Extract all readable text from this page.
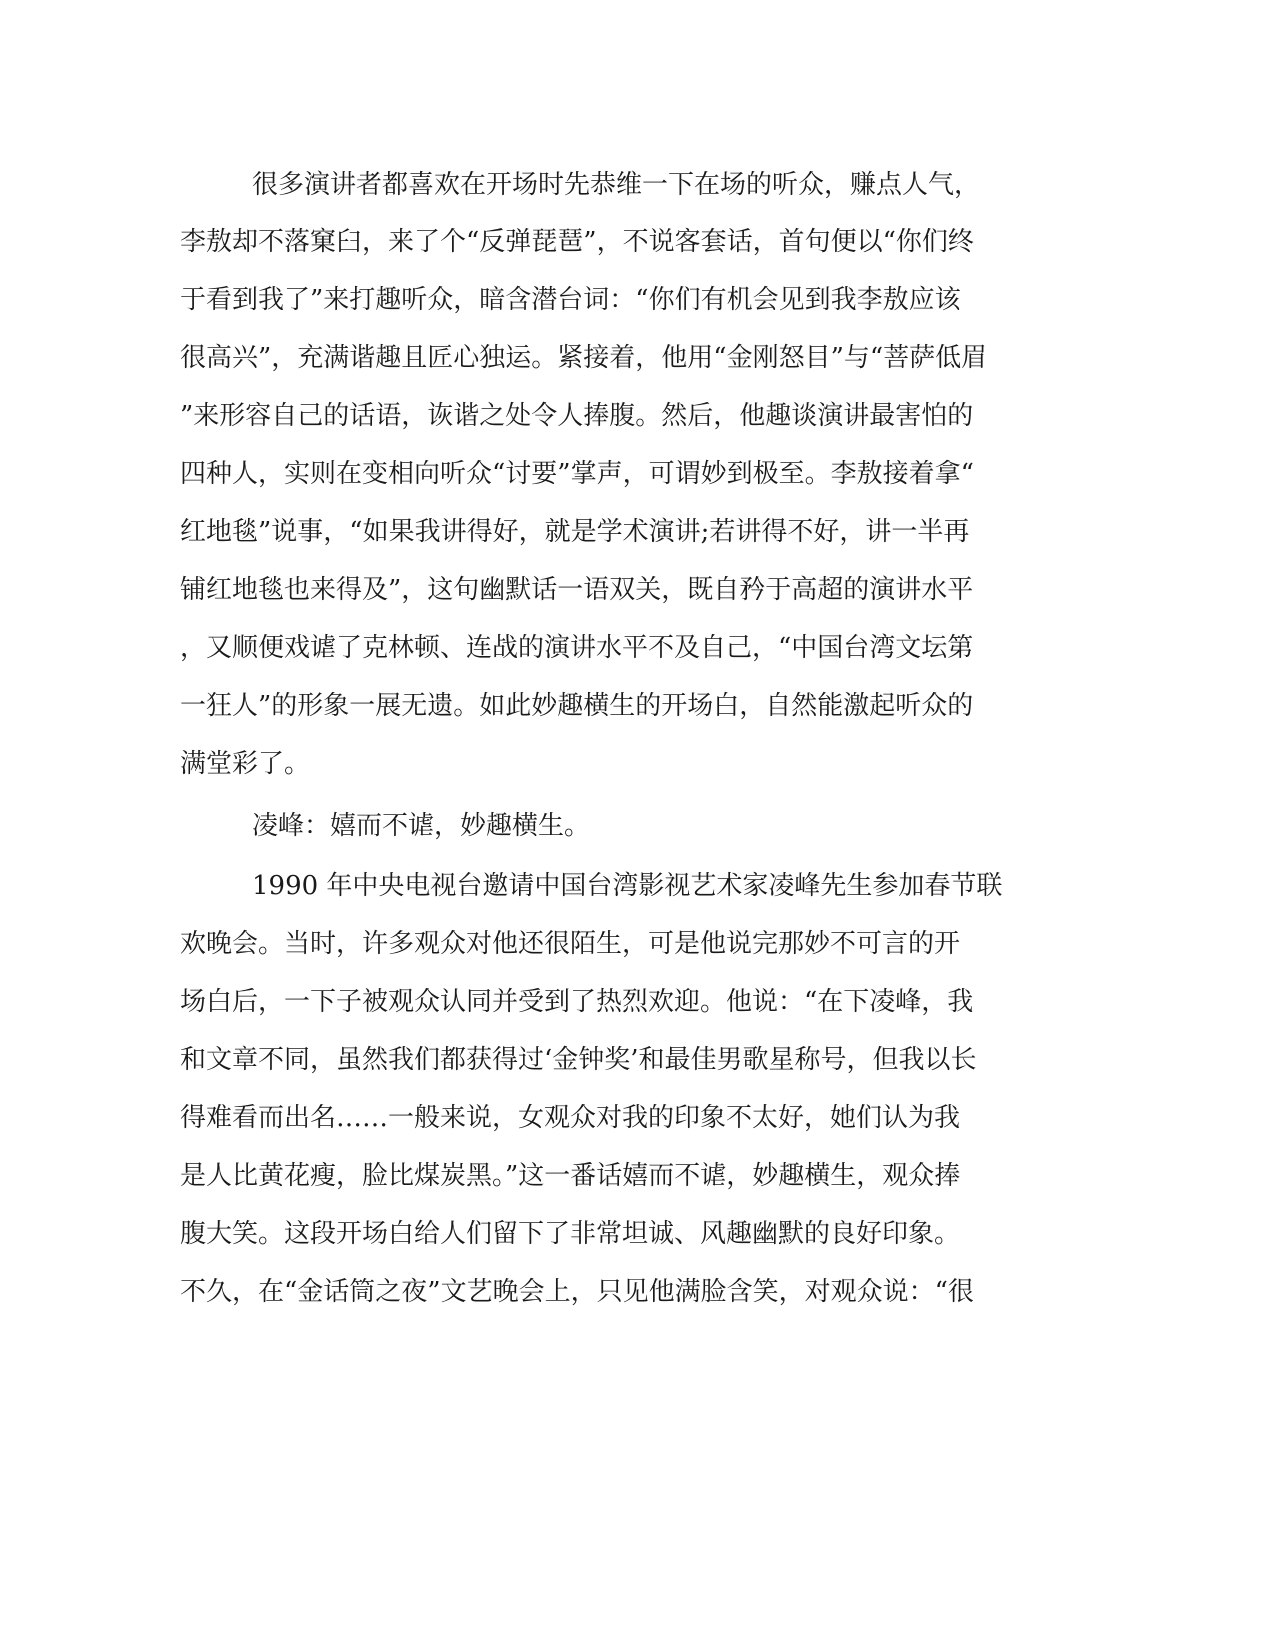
很多演讲者都喜欢在开场时先恭维一下在场的听众，赚点人气，
李敖却不落窠臼，来了个“反弹琵琶”，不说客套话，首句便以“你们终
于看到我了”来打趣听众，暗含潜台词：“你们有机会见到我李敖应该
很高兴”，充满谐趣且匠心独运。紧接着，他用“金刚怒目”与“菩萨低眉
”来形容自己的话语，诙谐之处令人捧腹。然后，他趣谈演讲最害怕的
四种人，实则在变相向听众“讨要”掌声，可谓妙到极至。李敖接着拿“
红地毯”说事，“如果我讲得好，就是学术演讲;若讲得不好，讲一半再
铺红地毯也来得及”，这句幽默话一语双关，既自矜于高超的演讲水平
，又顺便戏谑了克林顿、连战的演讲水平不及自己，“中国台湾文坛第
一狂人”的形象一展无遗。如此妙趣横生的开场白，自然能激起听众的
满堂彩了。
凌峰：嬉而不谑，妙趣横生。
1990 年中央电视台邀请中国台湾影视艺术家凌峰先生参加春节联
欢晚会。当时，许多观众对他还很陌生，可是他说完那妙不可言的开
场白后，一下子被观众认同并受到了热烈欢迎。他说：“在下凌峰，我
和文章不同，虽然我们都获得过‘金钟奖’和最佳男歌星称号，但我以长
得难看而出名……一般来说，女观众对我的印象不太好，她们认为我
是人比黄花瘦，脸比煤炭黑。”这一番话嬉而不谑，妙趣横生，观众捧
腹大笑。这段开场白给人们留下了非常坦诚、风趣幽默的良好印象。
不久，在“金话筒之夜”文艺晚会上，只见他满脸含笑，对观众说：“很
